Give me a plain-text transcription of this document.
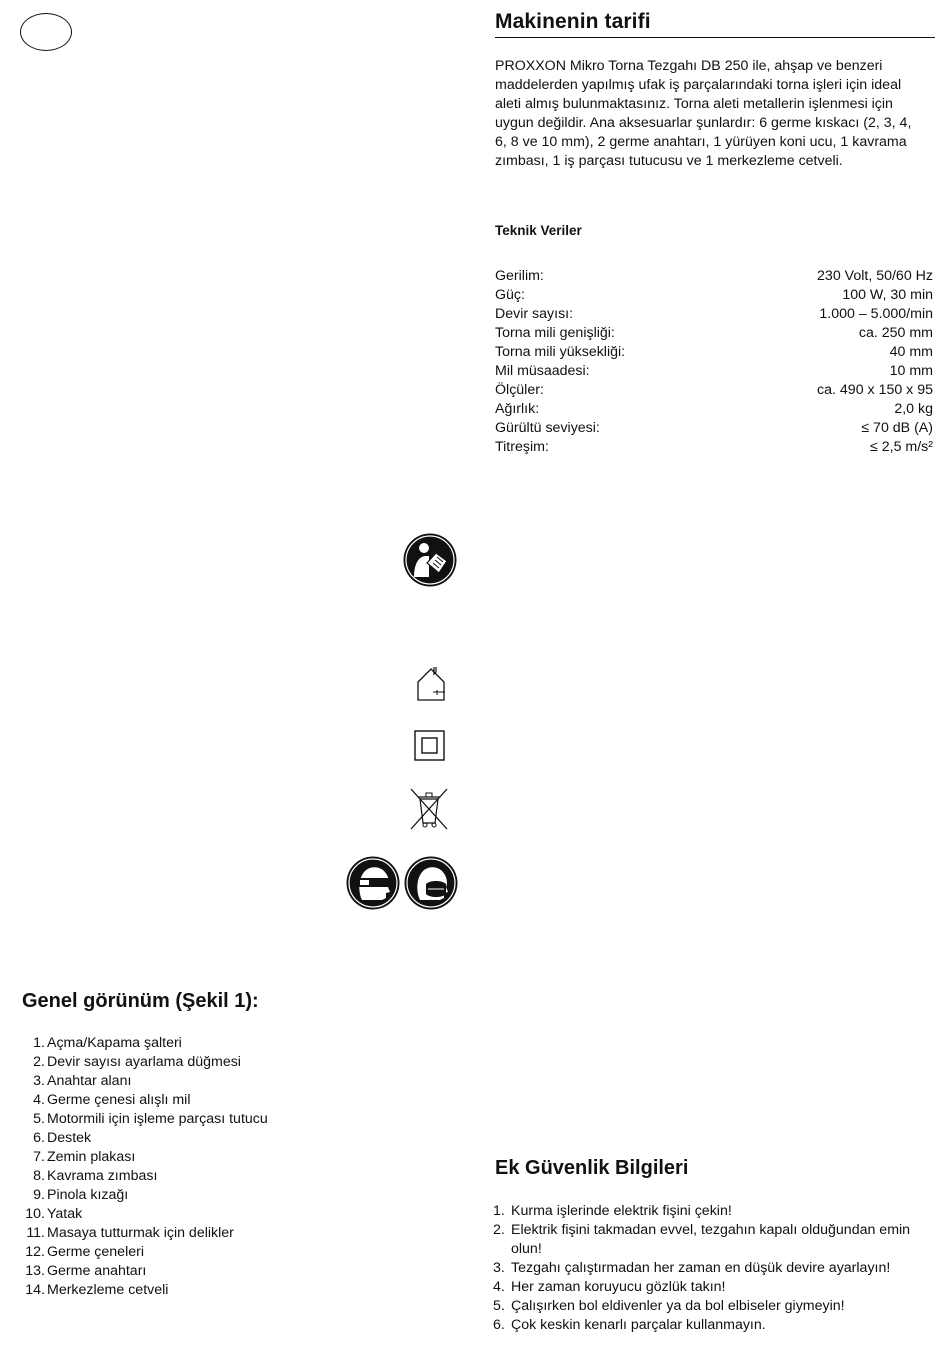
Makinenin tarifi
PROXXON Mikro Torna Tezgahı DB 250 ile, ahşap ve benzeri maddelerden yapılmış ufak iş parçalarındaki torna işleri için ideal aleti almış bulunmaktasınız. Torna aleti metallerin işlenmesi için uygun değildir. Ana aksesuarlar şunlardır: 6 germe kıskacı (2, 3, 4, 6, 8 ve 10 mm), 2 germe anahtarı, 1 yürüyen koni ucu, 1 kavrama zımbası, 1 iş parçası tutucusu ve 1 merkezleme cetveli.
Teknik Veriler
Gerilim:	230 Volt, 50/60 Hz
Güç:	100 W, 30 min
Devir sayısı:	1.000 – 5.000/min
Torna mili genişliği:	ca. 250 mm
Torna mili yüksekliği:	40 mm
Mil müsaadesi:	10 mm
Ölçüler:	ca. 490 x 150 x 95
Ağırlık:	2,0 kg
Gürültü seviyesi:	≤ 70 dB (A)
Titreşim:	≤ 2,5 m/s²
Genel görünüm (Şekil 1):
1. Açma/Kapama şalteri
2. Devir sayısı ayarlama düğmesi
3. Anahtar alanı
4. Germe çenesi alışlı mil
5. Motormili için işleme parçası tutucu
6. Destek
7. Zemin plakası
8. Kavrama zımbası
9. Pinola kızağı
10. Yatak
11. Masaya tutturmak için delikler
12. Germe çeneleri
13. Germe anahtarı
14. Merkezleme cetveli
Ek Güvenlik Bilgileri
1. Kurma işlerinde elektrik fişini çekin!
2. Elektrik fişini takmadan evvel, tezgahın kapalı olduğundan emin olun!
3. Tezgahı çalıştırmadan her zaman en düşük devire ayarlayın!
4. Her zaman koruyucu gözlük takın!
5. Çalışırken bol eldivenler ya da bol elbiseler giymeyin!
6. Çok keskin kenarlı parçalar kullanmayın.
